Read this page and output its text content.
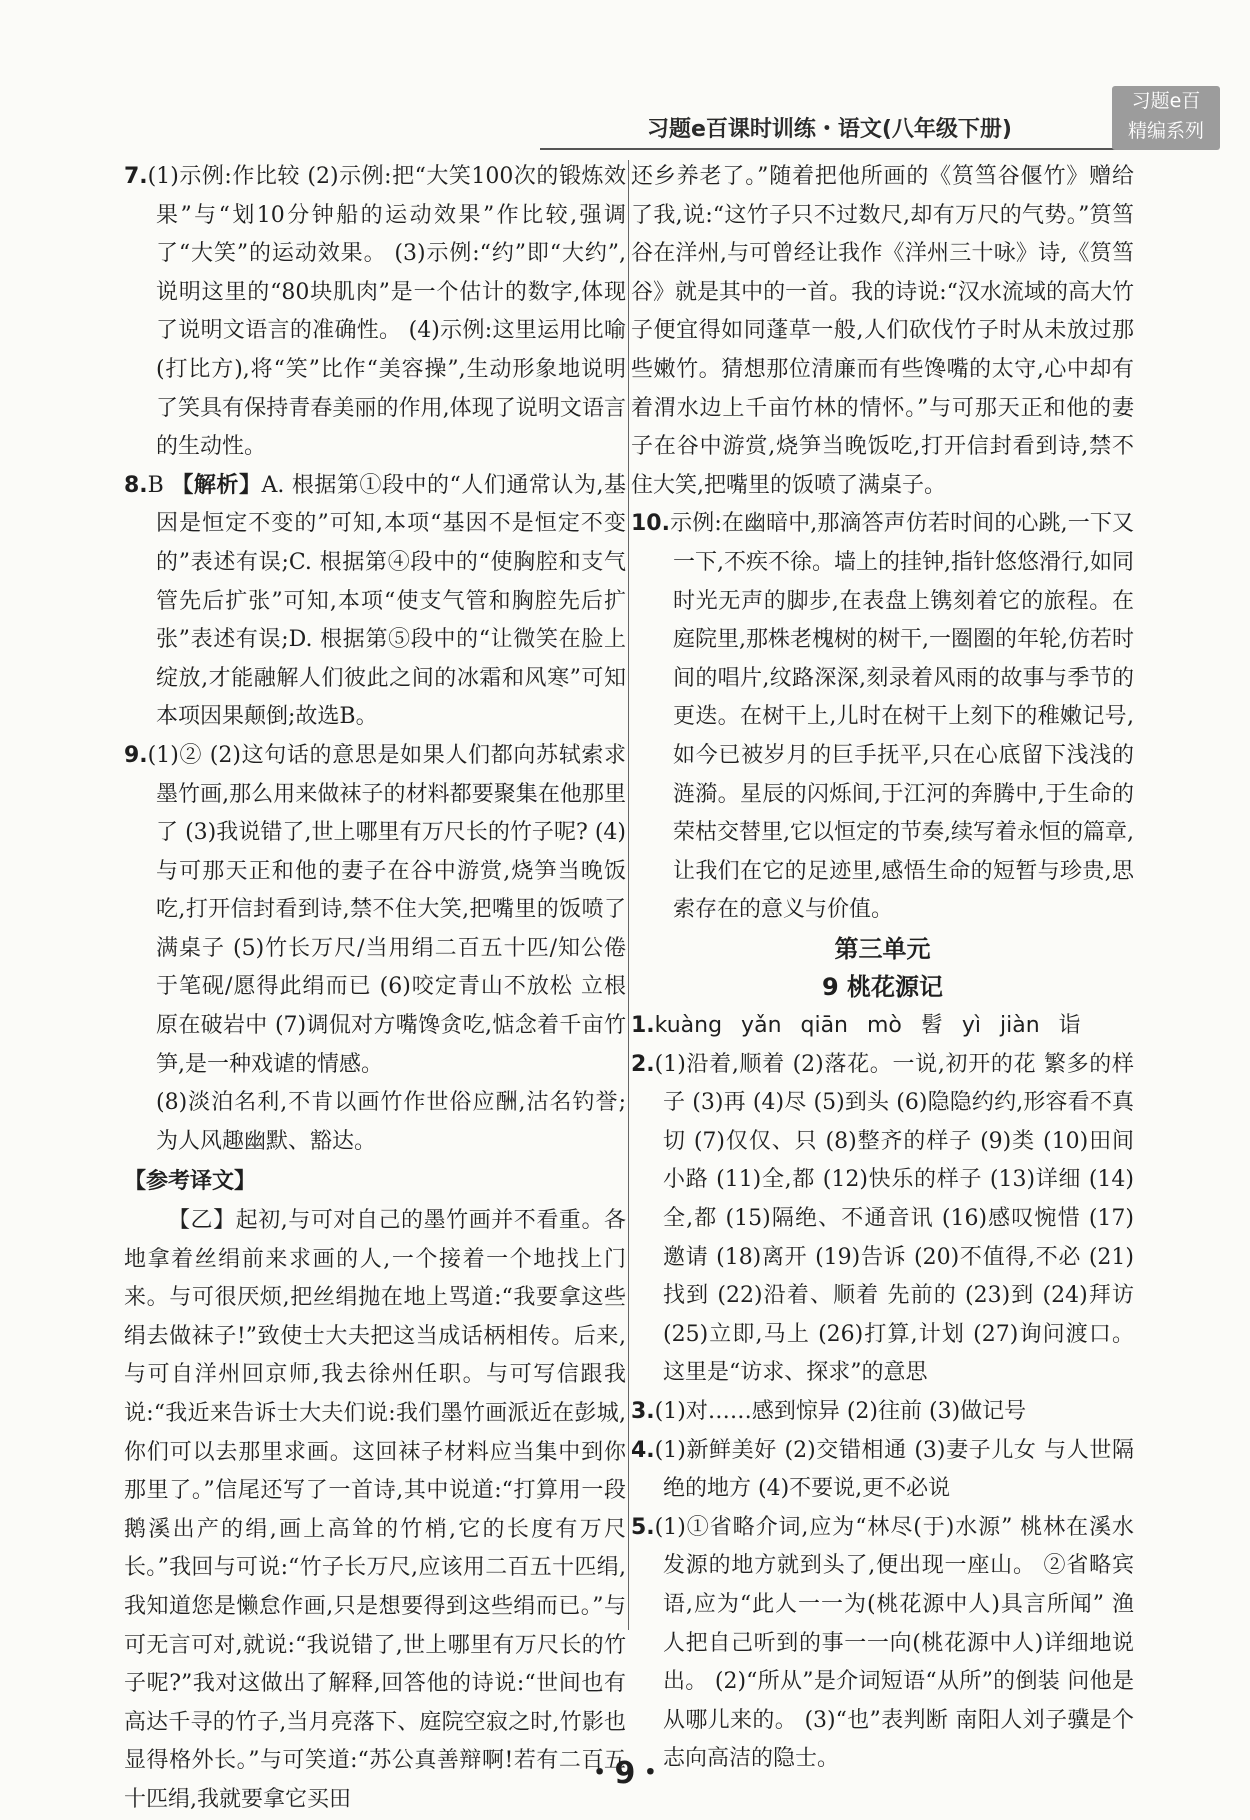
习题e百课时训练・语文(八年级下册)
习题e百
精编系列

7.(1)示例:作比较 (2)示例:把“大笑100次的锻炼效果”与“划10分钟船的运动效果”作比较,强调了“大笑”的运动效果。 (3)示例:“约”即“大约”,说明这里的“80块肌肉”是一个估计的数字,体现了说明文语言的准确性。 (4)示例:这里运用比喻(打比方),将“笑”比作“美容操”,生动形象地说明了笑具有保持青春美丽的作用,体现了说明文语言的生动性。

8.B 【解析】A. 根据第①段中的“人们通常认为,基因是恒定不变的”可知,本项“基因不是恒定不变的”表述有误;C. 根据第④段中的“使胸腔和支气管先后扩张”可知,本项“使支气管和胸腔先后扩张”表述有误;D. 根据第⑤段中的“让微笑在脸上绽放,才能融解人们彼此之间的冰霜和风寒”可知本项因果颠倒;故选B。

9.(1)② (2)这句话的意思是如果人们都向苏轼索求墨竹画,那么用来做袜子的材料都要聚集在他那里了 (3)我说错了,世上哪里有万尺长的竹子呢? (4)与可那天正和他的妻子在谷中游赏,烧笋当晚饭吃,打开信封看到诗,禁不住大笑,把嘴里的饭喷了满桌子 (5)竹长万尺/当用绢二百五十匹/知公倦于笔砚/愿得此绢而已 (6)咬定青山不放松 立根原在破岩中 (7)调侃对方嘴馋贪吃,惦念着千亩竹笋,是一种戏谑的情感。

(8)淡泊名利,不肯以画竹作世俗应酬,沽名钓誉;为人风趣幽默、豁达。

【参考译文】

【乙】起初,与可对自己的墨竹画并不看重。各地拿着丝绢前来求画的人,一个接着一个地找上门来。与可很厌烦,把丝绢抛在地上骂道:“我要拿这些绢去做袜子!”致使士大夫把这当成话柄相传。后来,与可自洋州回京师,我去徐州任职。与可写信跟我说:“我近来告诉士大夫们说:我们墨竹画派近在彭城,你们可以去那里求画。这回袜子材料应当集中到你那里了。”信尾还写了一首诗,其中说道:“打算用一段鹅溪出产的绢,画上高耸的竹梢,它的长度有万尺长。”我回与可说:“竹子长万尺,应该用二百五十匹绢,我知道您是懒怠作画,只是想要得到这些绢而已。”与可无言可对,就说:“我说错了,世上哪里有万尺长的竹子呢?”我对这做出了解释,回答他的诗说:“世间也有高达千寻的竹子,当月亮落下、庭院空寂之时,竹影也显得格外长。”与可笑道:“苏公真善辩啊!若有二百五十匹绢,我就要拿它买田

还乡养老了。”随着把他所画的《筼筜谷偃竹》赠给了我,说:“这竹子只不过数尺,却有万尺的气势。”筼筜谷在洋州,与可曾经让我作《洋州三十咏》诗,《筼筜谷》就是其中的一首。我的诗说:“汉水流域的高大竹子便宜得如同蓬草一般,人们砍伐竹子时从未放过那些嫩竹。猜想那位清廉而有些馋嘴的太守,心中却有着渭水边上千亩竹林的情怀。”与可那天正和他的妻子在谷中游赏,烧笋当晚饭吃,打开信封看到诗,禁不住大笑,把嘴里的饭喷了满桌子。

10.示例:在幽暗中,那滴答声仿若时间的心跳,一下又一下,不疾不徐。墙上的挂钟,指针悠悠滑行,如同时光无声的脚步,在表盘上镌刻着它的旅程。在庭院里,那株老槐树的树干,一圈圈的年轮,仿若时间的唱片,纹路深深,刻录着风雨的故事与季节的更迭。在树干上,儿时在树干上刻下的稚嫩记号,如今已被岁月的巨手抚平,只在心底留下浅浅的涟漪。星辰的闪烁间,于江河的奔腾中,于生命的荣枯交替里,它以恒定的节奏,续写着永恒的篇章,让我们在它的足迹里,感悟生命的短暂与珍贵,思索存在的意义与价值。

第三单元

9 桃花源记

1.kuàng yǎn qiān mò 髫 yì jiàn 诣

2.(1)沿着,顺着 (2)落花。一说,初开的花 繁多的样子 (3)再 (4)尽 (5)到头 (6)隐隐约约,形容看不真切 (7)仅仅、只 (8)整齐的样子 (9)类 (10)田间小路 (11)全,都 (12)快乐的样子 (13)详细 (14)全,都 (15)隔绝、不通音讯 (16)感叹惋惜 (17)邀请 (18)离开 (19)告诉 (20)不值得,不必 (21)找到 (22)沿着、顺着 先前的 (23)到 (24)拜访 (25)立即,马上 (26)打算,计划 (27)询问渡口。这里是“访求、探求”的意思

3.(1)对……感到惊异 (2)往前 (3)做记号

4.(1)新鲜美好 (2)交错相通 (3)妻子儿女 与人世隔绝的地方 (4)不要说,更不必说

5.(1)①省略介词,应为“林尽(于)水源” 桃林在溪水发源的地方就到头了,便出现一座山。 ②省略宾语,应为“此人一一为(桃花源中人)具言所闻” 渔人把自己听到的事一一向(桃花源中人)详细地说出。 (2)“所从”是介词短语“从所”的倒装 问他是从哪儿来的。 (3)“也”表判断 南阳人刘子骥是个志向高洁的隐士。

・9・
